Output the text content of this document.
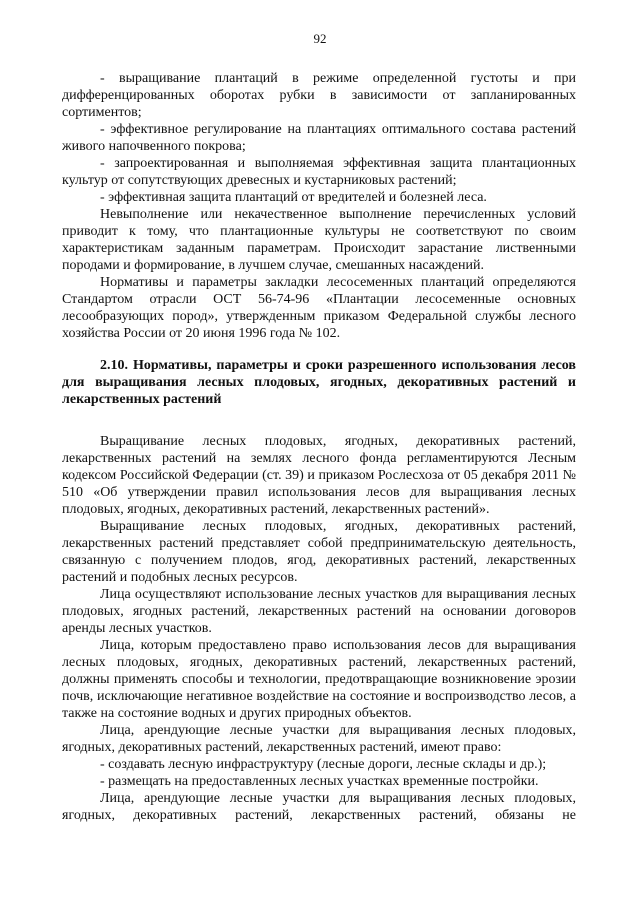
92

- выращивание плантаций в режиме определенной густоты и при дифференцированных оборотах рубки в зависимости от запланированных сортиментов;

- эффективное регулирование на плантациях оптимального состава растений живого напочвенного покрова;

- запроектированная и выполняемая эффективная защита плантационных культур от сопутствующих древесных и кустарниковых растений;

- эффективная защита плантаций от вредителей и болезней леса.

Невыполнение или некачественное выполнение перечисленных условий приводит к тому, что плантационные культуры не соответствуют по своим характеристикам заданным параметрам. Происходит зарастание лиственными породами и формирование, в лучшем случае, смешанных насаждений.

Нормативы и параметры закладки лесосеменных плантаций определяются Стандартом отрасли ОСТ 56-74-96 «Плантации лесосеменные основных лесообразующих пород», утвержденным приказом Федеральной службы лесного хозяйства России от 20 июня 1996 года № 102.

2.10. Нормативы, параметры и сроки разрешенного использования лесов для выращивания лесных плодовых, ягодных, декоративных растений и лекарственных растений

Выращивание лесных плодовых, ягодных, декоративных растений, лекарственных растений на землях лесного фонда регламентируются Лесным кодексом Российской Федерации (ст. 39) и приказом Рослесхоза от 05 декабря 2011 № 510 «Об утверждении правил использования лесов для выращивания лесных плодовых, ягодных, декоративных растений, лекарственных растений».

Выращивание лесных плодовых, ягодных, декоративных растений, лекарственных растений представляет собой предпринимательскую деятельность, связанную с получением плодов, ягод, декоративных растений, лекарственных растений и подобных лесных ресурсов.

Лица осуществляют использование лесных участков для выращивания лесных плодовых, ягодных растений, лекарственных растений на основании договоров аренды лесных участков.

Лица, которым предоставлено право использования лесов для выращивания лесных плодовых, ягодных, декоративных растений, лекарственных растений, должны применять способы и технологии, предотвращающие возникновение эрозии почв, исключающие негативное воздействие на состояние и воспроизводство лесов, а также на состояние водных и других природных объектов.

Лица, арендующие лесные участки для выращивания лесных плодовых, ягодных, декоративных растений, лекарственных растений, имеют право:

- создавать лесную инфраструктуру (лесные дороги, лесные склады и др.);

- размещать на предоставленных лесных участках временные постройки.

Лица, арендующие лесные участки для выращивания лесных плодовых, ягодных, декоративных растений, лекарственных растений, обязаны не
